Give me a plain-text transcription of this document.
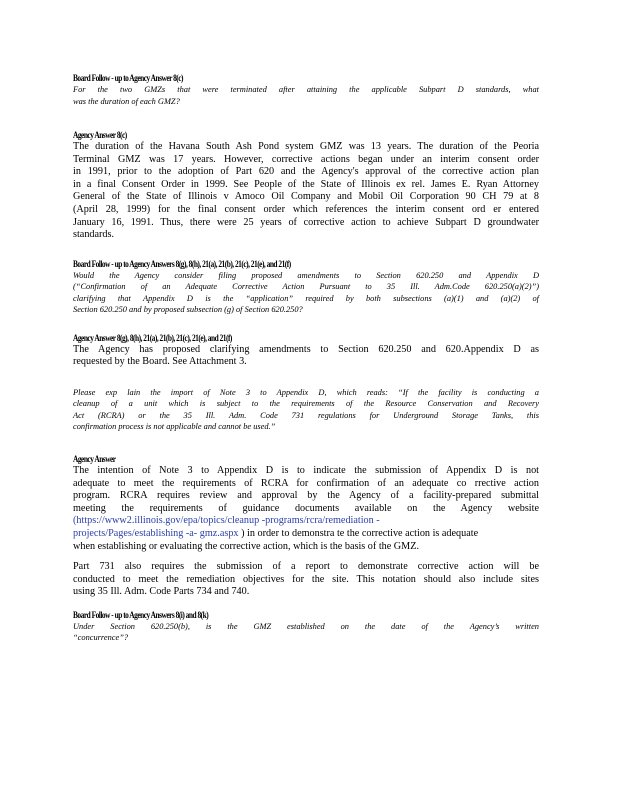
Board Follow - up to Agency Answer 8(c)
For the two GMZs that were terminated after attaining the applicable Subpart D standards, what
was the duration of each GMZ?
Agency Answer 8(c)
The duration of the Havana South Ash Pond system GMZ was 13 years. The duration of the Peoria
Terminal GMZ was 17 years. However, corrective actions began under an interim consent order
in 1991, prior to the adoption of Part 620 and the Agency's approval of the corrective action plan
in a final Consent Order in 1999. See People of the State of Illinois ex rel. James E. Ryan Attorney
General of the State of Illinois v Amoco Oil Company and Mobil Oil Corporation 90 CH 79 at 8
(April 28, 1999) for the final consent order which references the interim consent ord er entered
January 16, 1991. Thus, there were 25 years of corrective action to achieve Subpart D groundwater
standards.
Board Follow - up to Agency Answers 8(g), 8(h), 21(a), 21(b), 21(c), 21(e), and 21(f)
Would the Agency consider filing proposed amendments to Section 620.250 and Appendix D
(“Confirmation of an Adequate Corrective Action Pursuant to 35 Ill. Adm.Code 620.250(a)(2)”)
clarifying that Appendix D is the “application” required by both subsections (a)(1) and (a)(2) of
Section 620.250 and by proposed subsection (g) of Section 620.250?
Agency Answer 8(g), 8(h), 21(a), 21(b), 21(c), 21(e), and 21(f)
The Agency has proposed clarifying amendments to Section 620.250 and 620.Appendix D as
requested by the Board. See Attachment 3.
Please exp lain the import of Note 3 to Appendix D, which reads: “If the facility is conducting a
cleanup of a unit which is subject to the requirements of the Resource Conservation and Recovery
Act (RCRA) or the 35 Ill. Adm. Code 731 regulations for Underground Storage Tanks, this
confirmation process is not applicable and cannot be used.”
Agency Answer
The intention of Note 3 to Appendix D is to indicate the submission of Appendix D is not
adequate to meet the requirements of RCRA for confirmation of an adequate co rrective action
program. RCRA requires review and approval by the Agency of a facility-prepared submittal
meeting the requirements of guidance documents available on the Agency website
(https://www2.illinois.gov/epa/topics/cleanup -programs/rcra/remediation -
projects/Pages/establishing -a- gmz.aspx ) in order to demonstra te the corrective action is adequate
when establishing or evaluating the corrective action, which is the basis of the GMZ.
Part 731 also requires the submission of a report to demonstrate corrective action will be
conducted to meet the remediation objectives for the site. This notation should also include sites
using 35 Ill. Adm. Code Parts 734 and 740.
Board Follow - up to Agency Answers 8(i) and 8(k)
Under Section 620.250(b), is the GMZ established on the date of the Agency’s written
“concurrence”?
